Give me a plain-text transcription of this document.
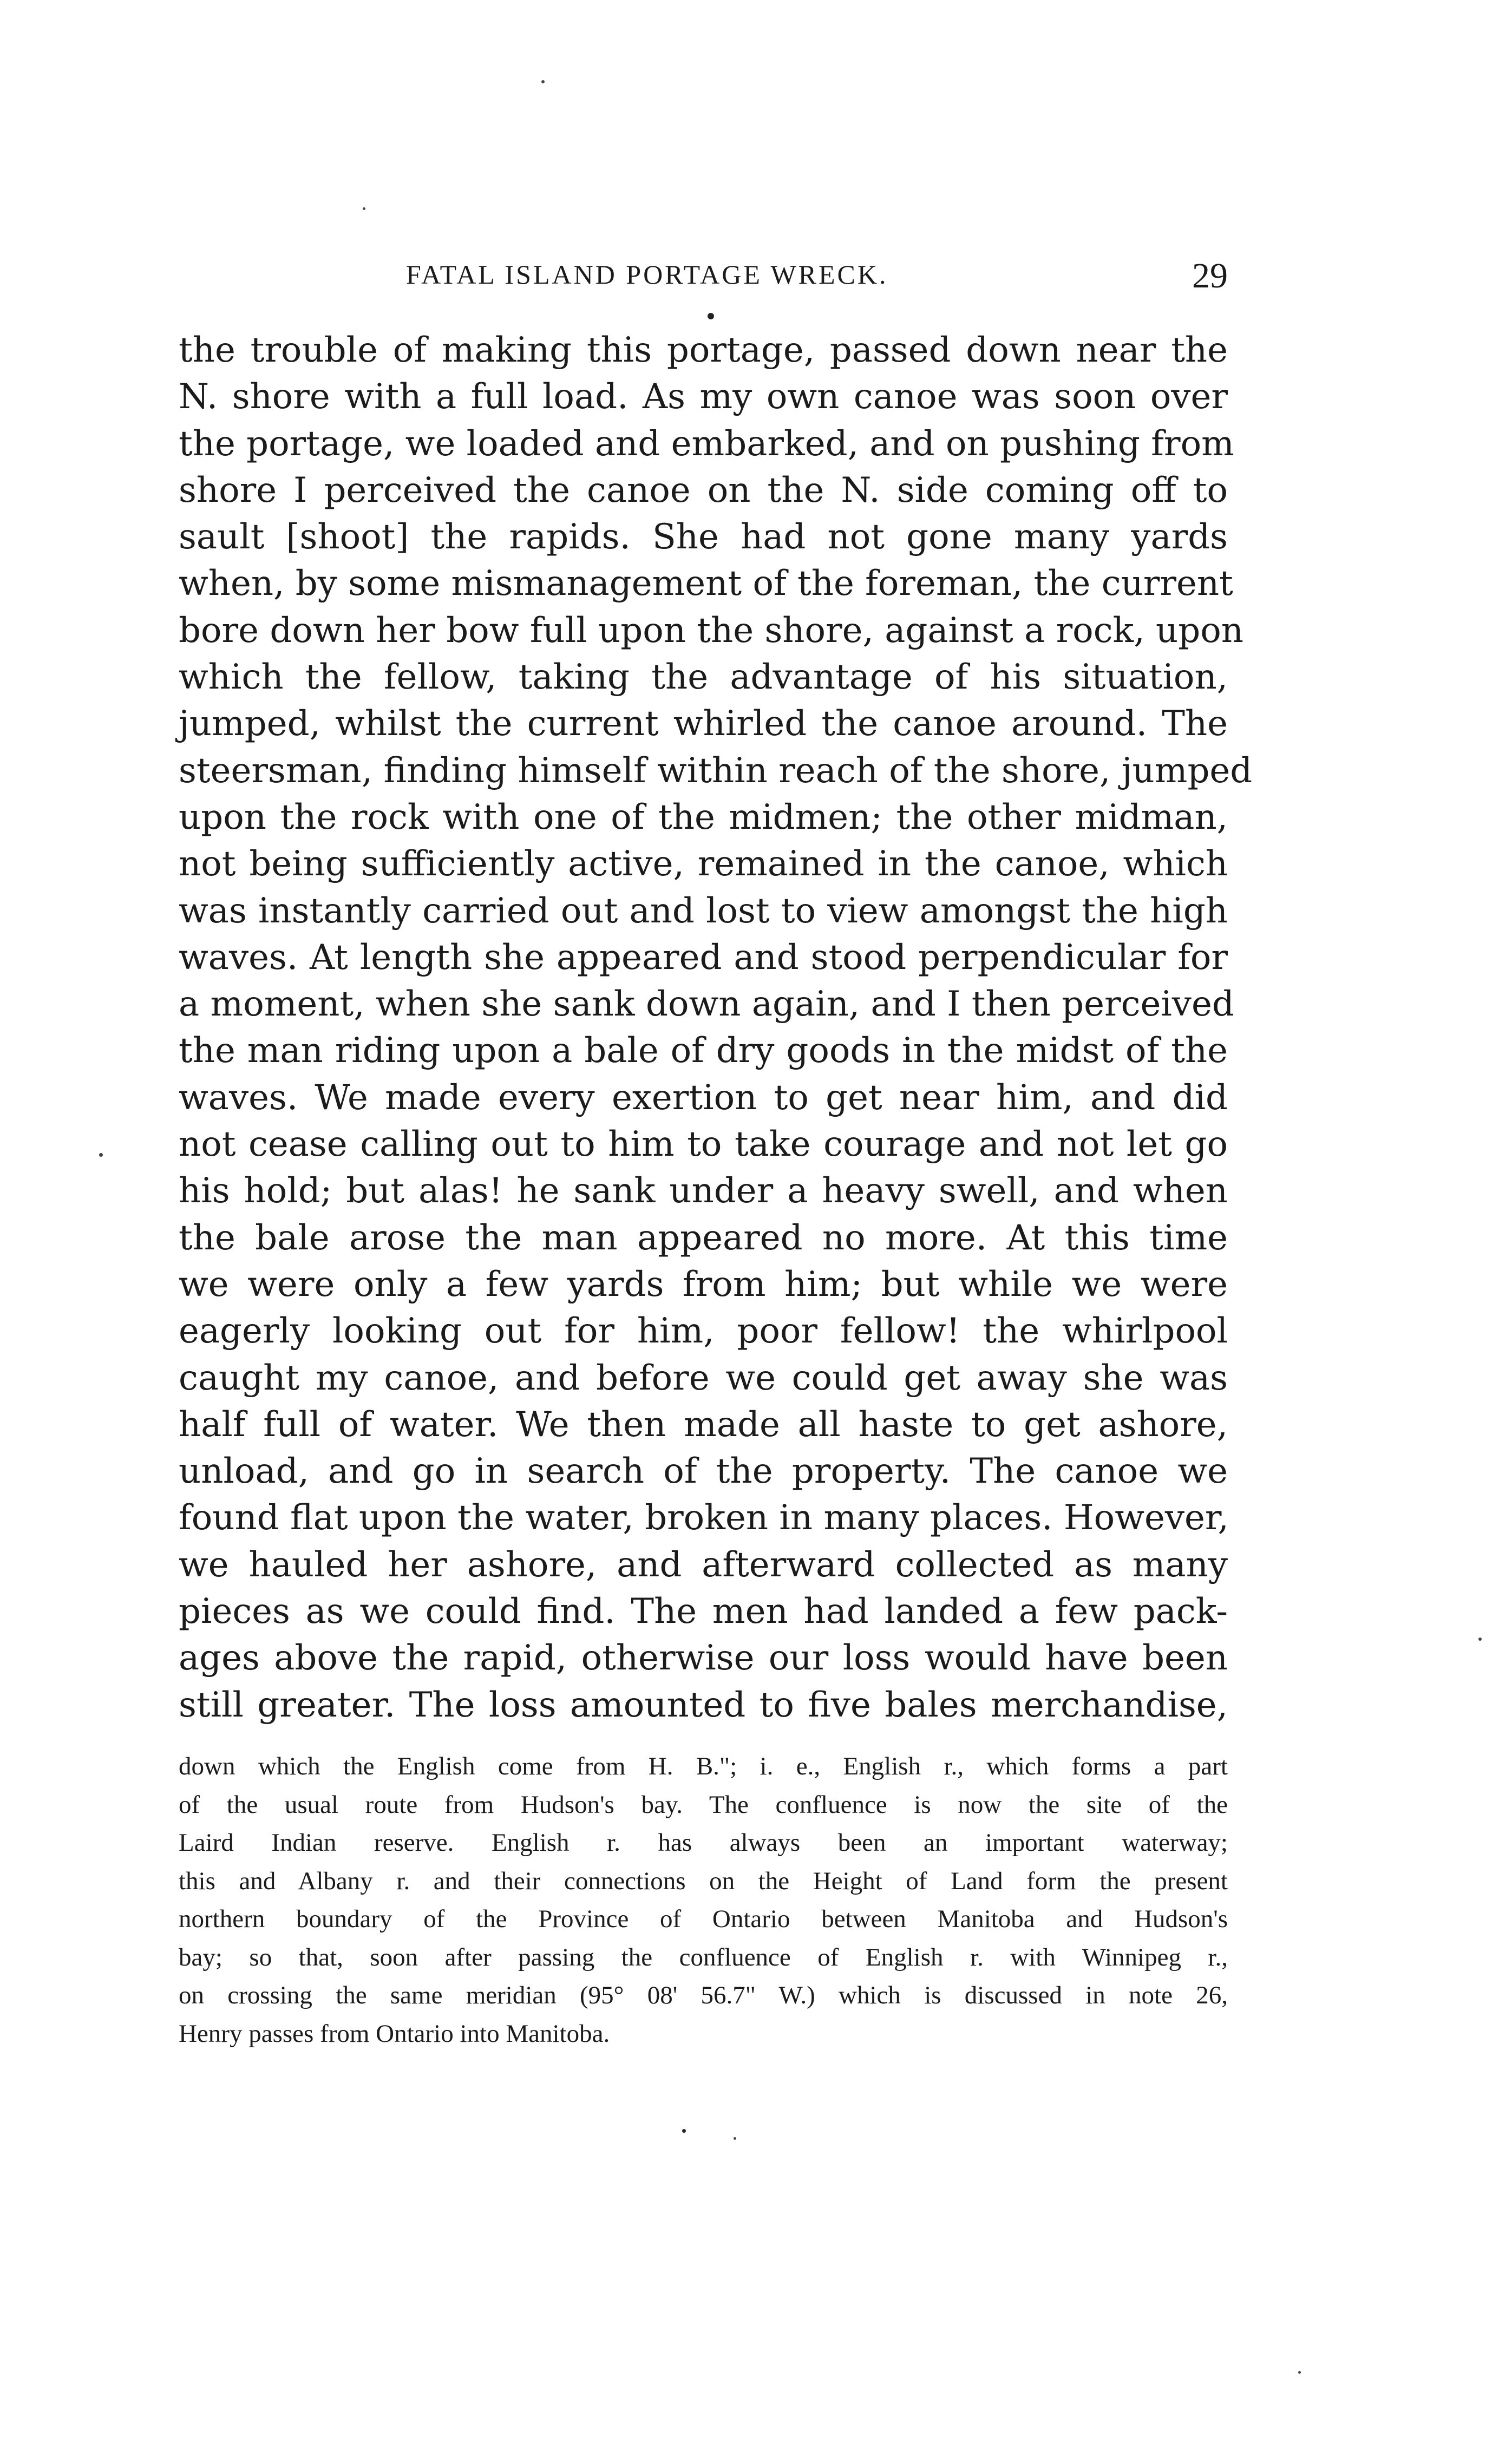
FATAL ISLAND PORTAGE WRECK.	29
the trouble of making this portage, passed down near the
N. shore with a full load. As my own canoe was soon over
the portage, we loaded and embarked, and on pushing from
shore I perceived the canoe on the N. side coming off to
sault [shoot] the rapids. She had not gone many yards
when, by some mismanagement of the foreman, the current
bore down her bow full upon the shore, against a rock, upon
which the fellow, taking the advantage of his situation,
jumped, whilst the current whirled the canoe around. The
steersman, finding himself within reach of the shore, jumped
upon the rock with one of the midmen; the other midman,
not being sufficiently active, remained in the canoe, which
was instantly carried out and lost to view amongst the high
waves. At length she appeared and stood perpendicular for
a moment, when she sank down again, and I then perceived
the man riding upon a bale of dry goods in the midst of the
waves. We made every exertion to get near him, and did
not cease calling out to him to take courage and not let go
his hold; but alas! he sank under a heavy swell, and when
the bale arose the man appeared no more. At this time
we were only a few yards from him; but while we were
eagerly looking out for him, poor fellow! the whirlpool
caught my canoe, and before we could get away she was
half full of water. We then made all haste to get ashore,
unload, and go in search of the property. The canoe we
found flat upon the water, broken in many places. However,
we hauled her ashore, and afterward collected as many
pieces as we could find. The men had landed a few pack-
ages above the rapid, otherwise our loss would have been
still greater. The loss amounted to five bales merchandise,
down which the English come from H. B."; i. e., English r., which forms a part
of the usual route from Hudson's bay. The confluence is now the site of the
Laird Indian reserve. English r. has always been an important waterway;
this and Albany r. and their connections on the Height of Land form the present
northern boundary of the Province of Ontario between Manitoba and Hudson's
bay; so that, soon after passing the confluence of English r. with Winnipeg r.,
on crossing the same meridian (95° 08' 56.7" W.) which is discussed in note 26,
Henry passes from Ontario into Manitoba.
